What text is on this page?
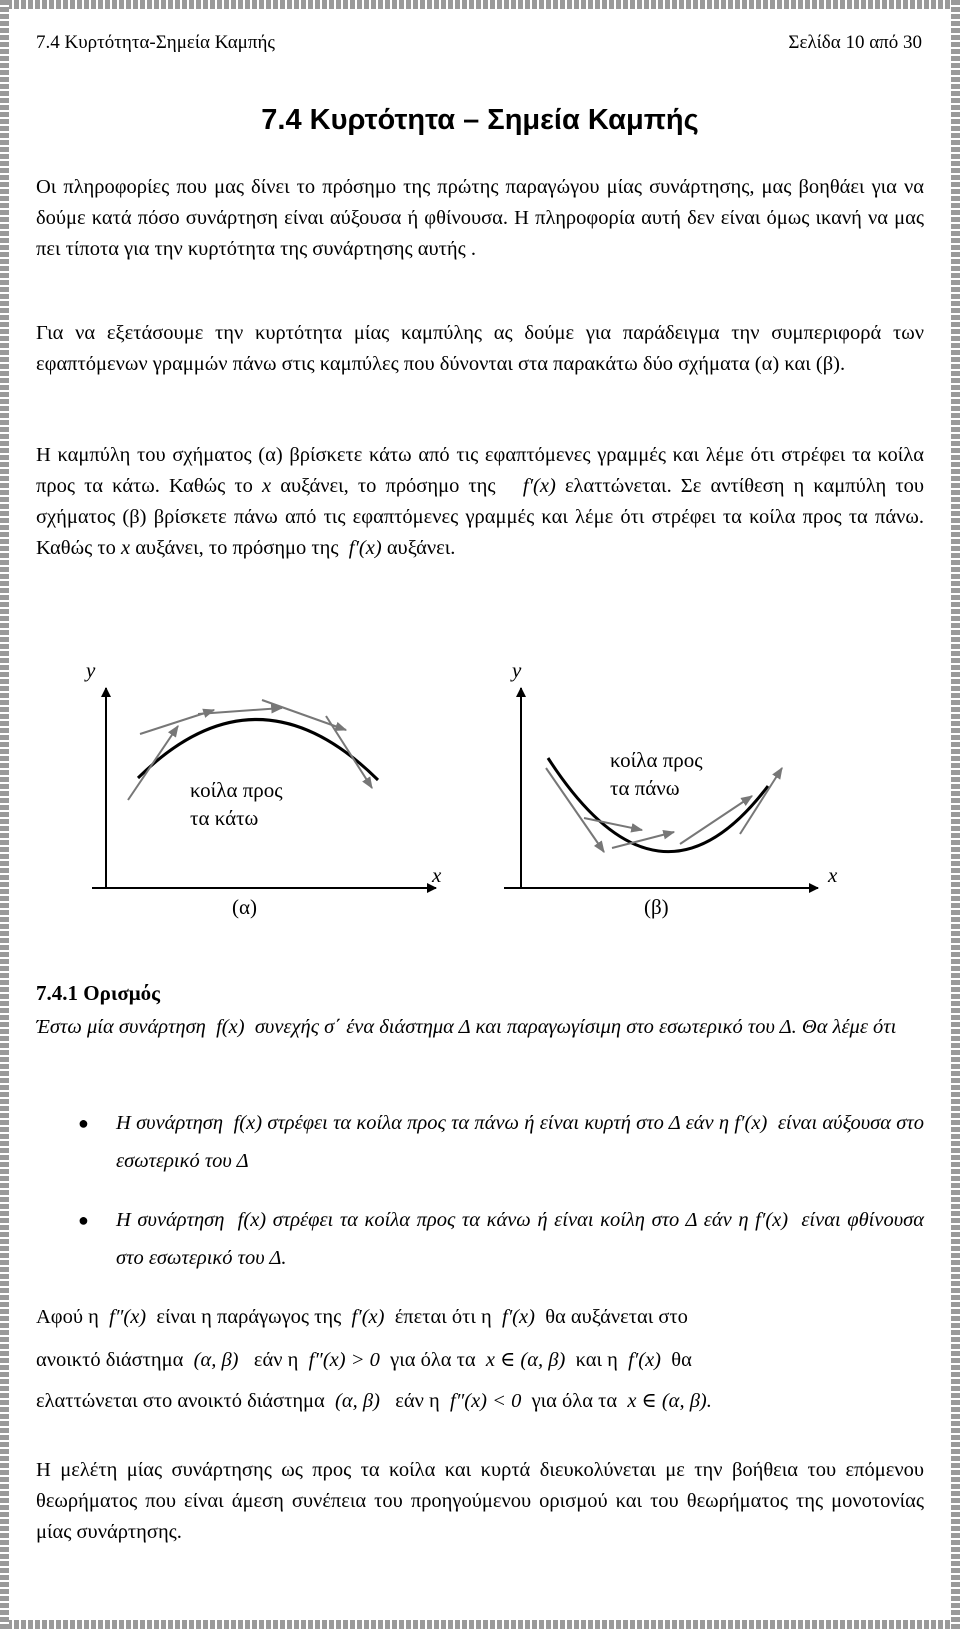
7.4 Κυρτότητα-Σημεία Καμπής	Σελίδα 10 από 30
7.4 Κυρτότητα – Σημεία Καμπής

Οι πληροφορίες που μας δίνει το πρόσημο της πρώτης παραγώγου μίας συνάρτησης, μας βοηθάει για να δούμε κατά πόσο συνάρτηση είναι αύξουσα ή φθίνουσα. Η πληροφορία αυτή δεν είναι όμως ικανή να μας πει τίποτα για την κυρτότητα της συνάρτησης αυτής .

Για να εξετάσουμε την κυρτότητα μίας καμπύλης ας δούμε για παράδειγμα την συμπεριφορά των εφαπτόμενων γραμμών πάνω στις καμπύλες που δύνονται στα παρακάτω δύο σχήματα (α) και (β).

Η καμπύλη του σχήματος (α) βρίσκετε κάτω από τις εφαπτόμενες γραμμές και λέμε ότι στρέφει τα κοίλα προς τα κάτω. Καθώς το x αυξάνει, το πρόσημο της f′(x) ελαττώνεται. Σε αντίθεση η καμπύλη του σχήματος (β) βρίσκετε πάνω από τις εφαπτόμενες γραμμές και λέμε ότι στρέφει τα κοίλα προς τα πάνω. Καθώς το x αυξάνει, το πρόσημο της f′(x) αυξάνει.

y
x
κοίλα προς
τα κάτω
(α)
y
x
κοίλα προς
τα πάνω
(β)
7.4.1 Ορισμός

Έστω μία συνάρτηση f(x) συνεχής σ΄ ένα διάστημα Δ και παραγωγίσιμη στο εσωτερικό του Δ. Θα λέμε ότι

● Η συνάρτηση f(x) στρέφει τα κοίλα προς τα πάνω ή είναι κυρτή στο Δ εάν η f′(x) είναι αύξουσα στο εσωτερικό του Δ

● Η συνάρτηση f(x) στρέφει τα κοίλα προς τα κάνω ή είναι κοίλη στο Δ εάν η f′(x) είναι φθίνουσα στο εσωτερικό του Δ.

Αφού η f″(x) είναι η παράγωγος της f′(x) έπεται ότι η f′(x) θα αυξάνεται στο
ανοικτό διάστημα (α, β) εάν η f″(x) > 0 για όλα τα x ∈ (α, β) και η f′(x) θα
ελαττώνεται στο ανοικτό διάστημα (α, β) εάν η f″(x) < 0 για όλα τα x ∈ (α, β).

Η μελέτη μίας συνάρτησης ως προς τα κοίλα και κυρτά διευκολύνεται με την βοήθεια του επόμενου θεωρήματος που είναι άμεση συνέπεια του προηγούμενου ορισμού και του θεωρήματος της μονοτονίας μίας συνάρτησης.
